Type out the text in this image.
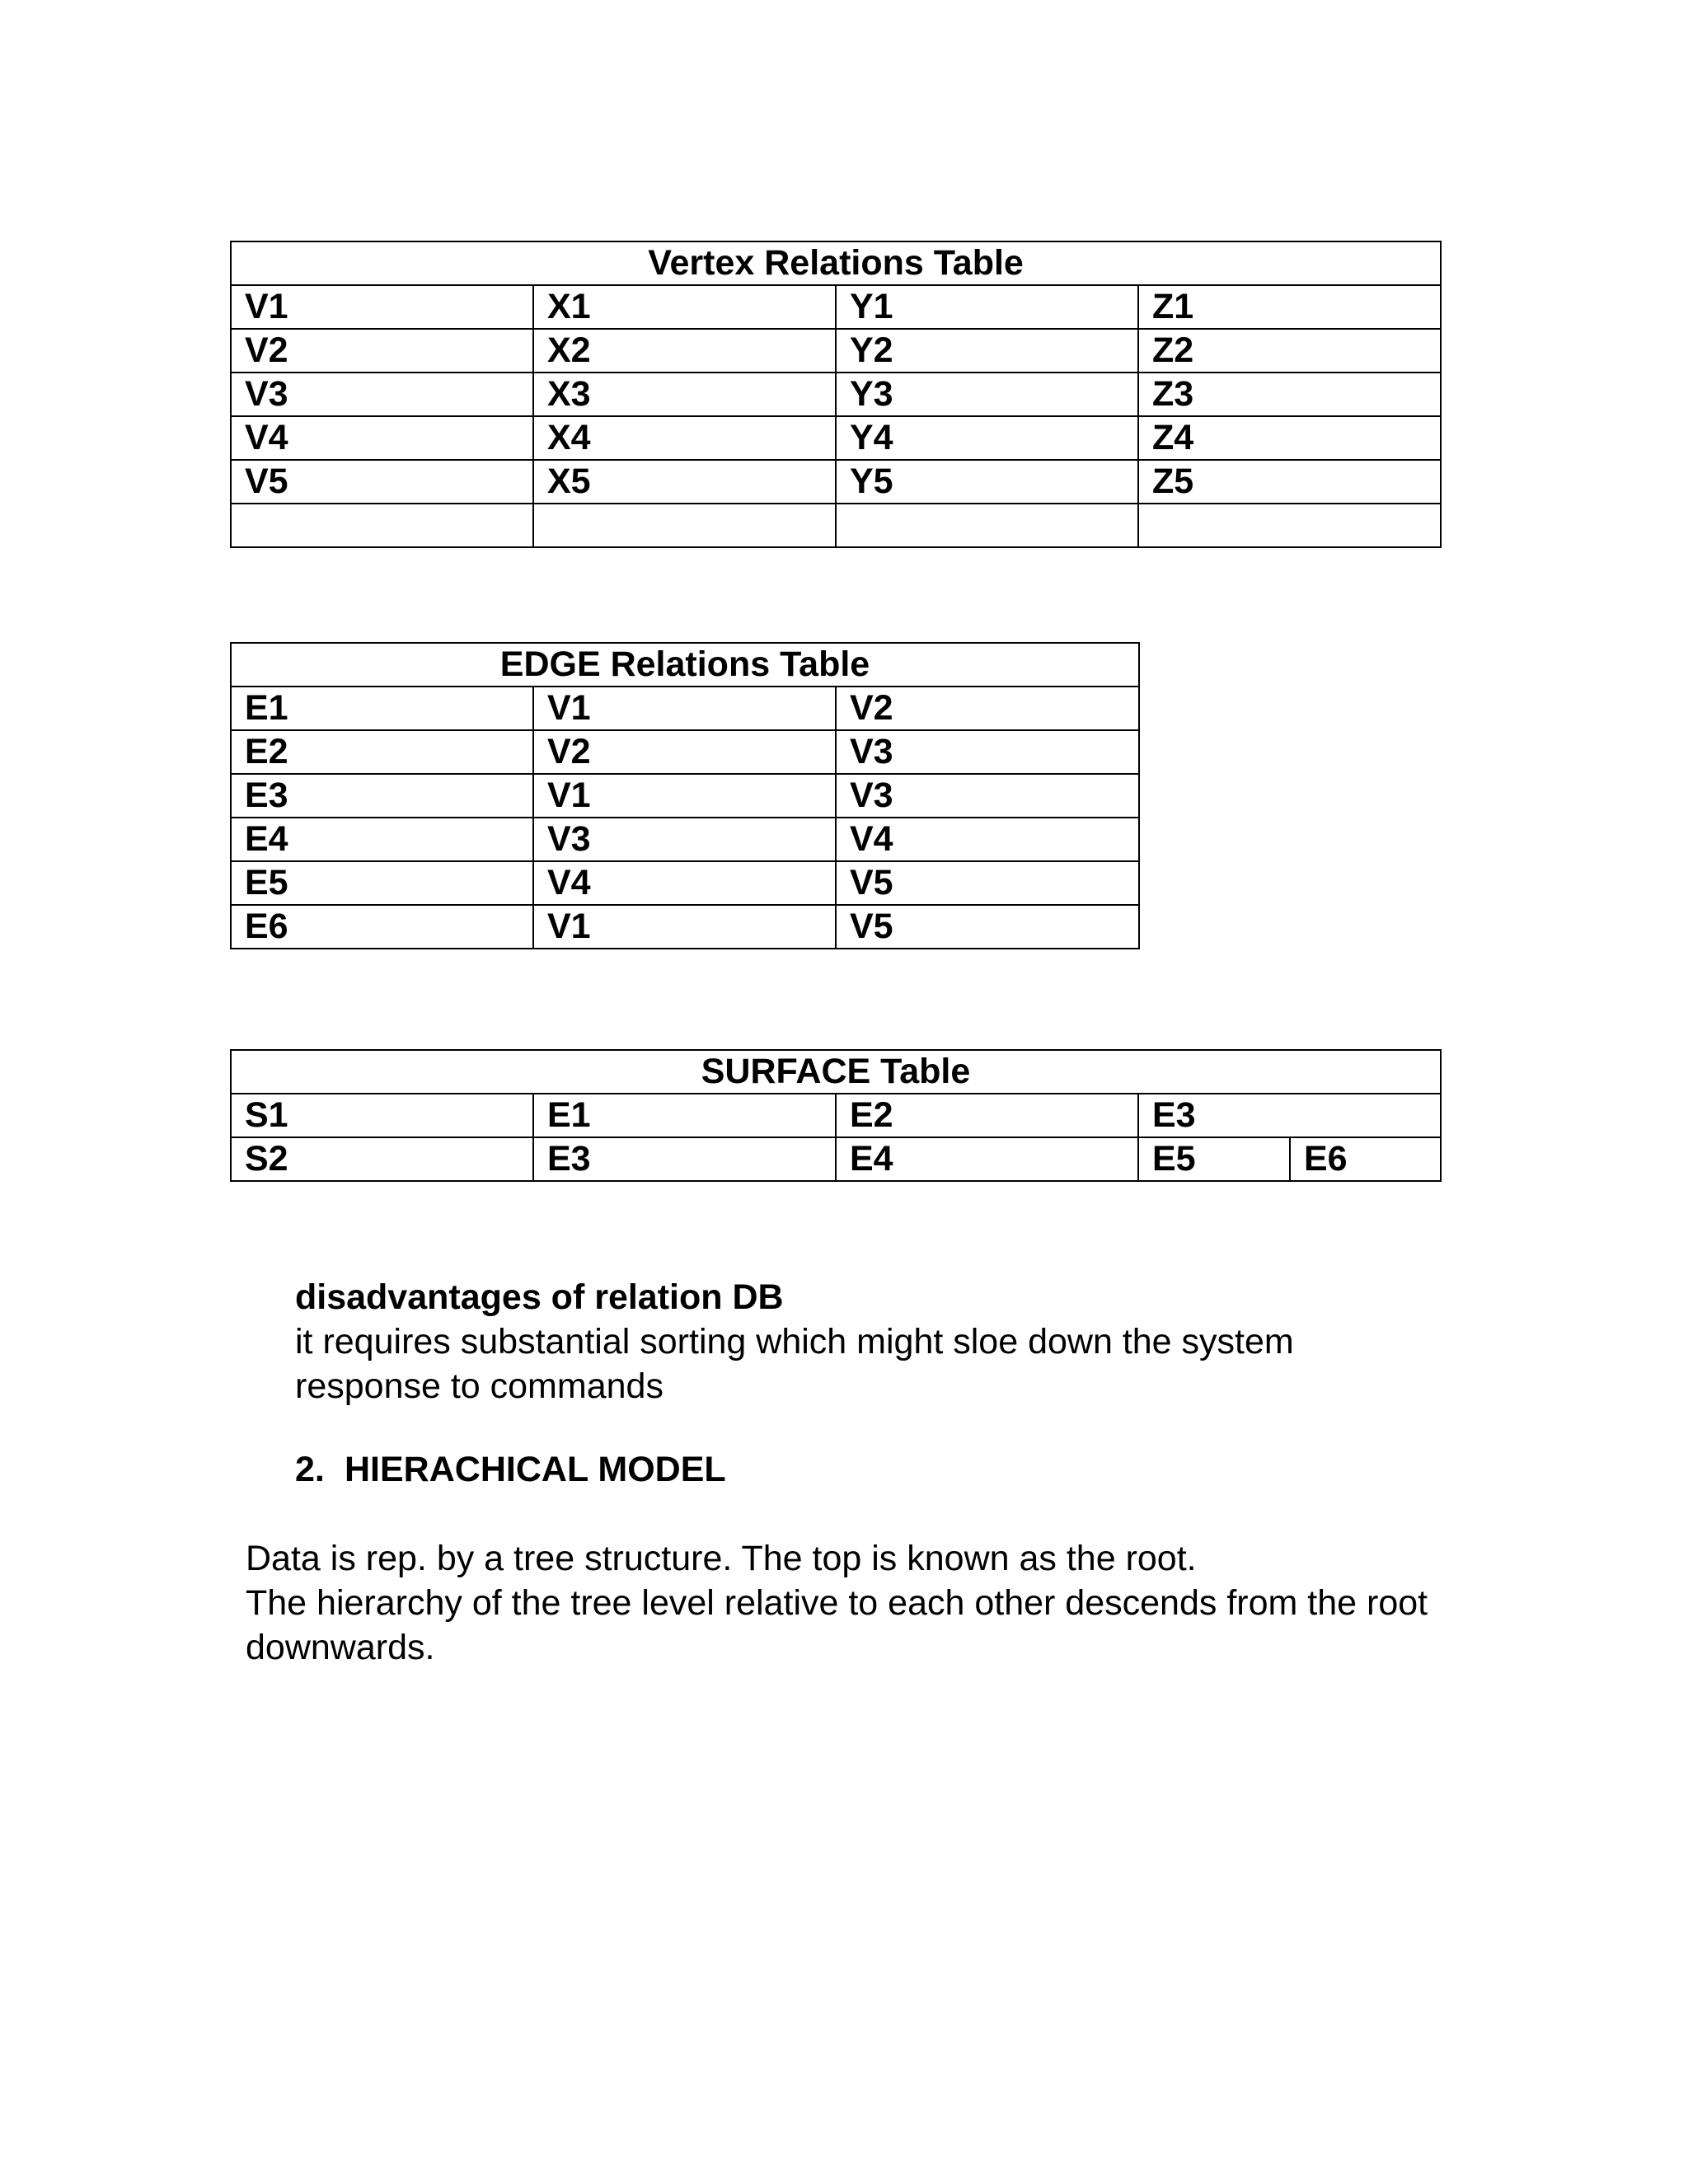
Vertex Relations Table			
V1	X1	Y1	Z1
V2	X2	Y2	Z2
V3	X3	Y3	Z3
V4	X4	Y4	Z4
V5	X5	Y5	Z5

EDGE Relations Table		
E1	V1	V2
E2	V2	V3
E3	V1	V3
E4	V3	V4
E5	V4	V5
E6	V1	V5
SURFACE Table				
S1	E1	E2	E3	
S2	E3	E4	E5	E6

disadvantages of relation DB

it requires substantial sorting which might sloe down the system response to commands

2. HIERACHICAL MODEL

Data is rep. by a tree structure. The top is known as the root.
The hierarchy of the tree level relative to each other descends from the root downwards.
